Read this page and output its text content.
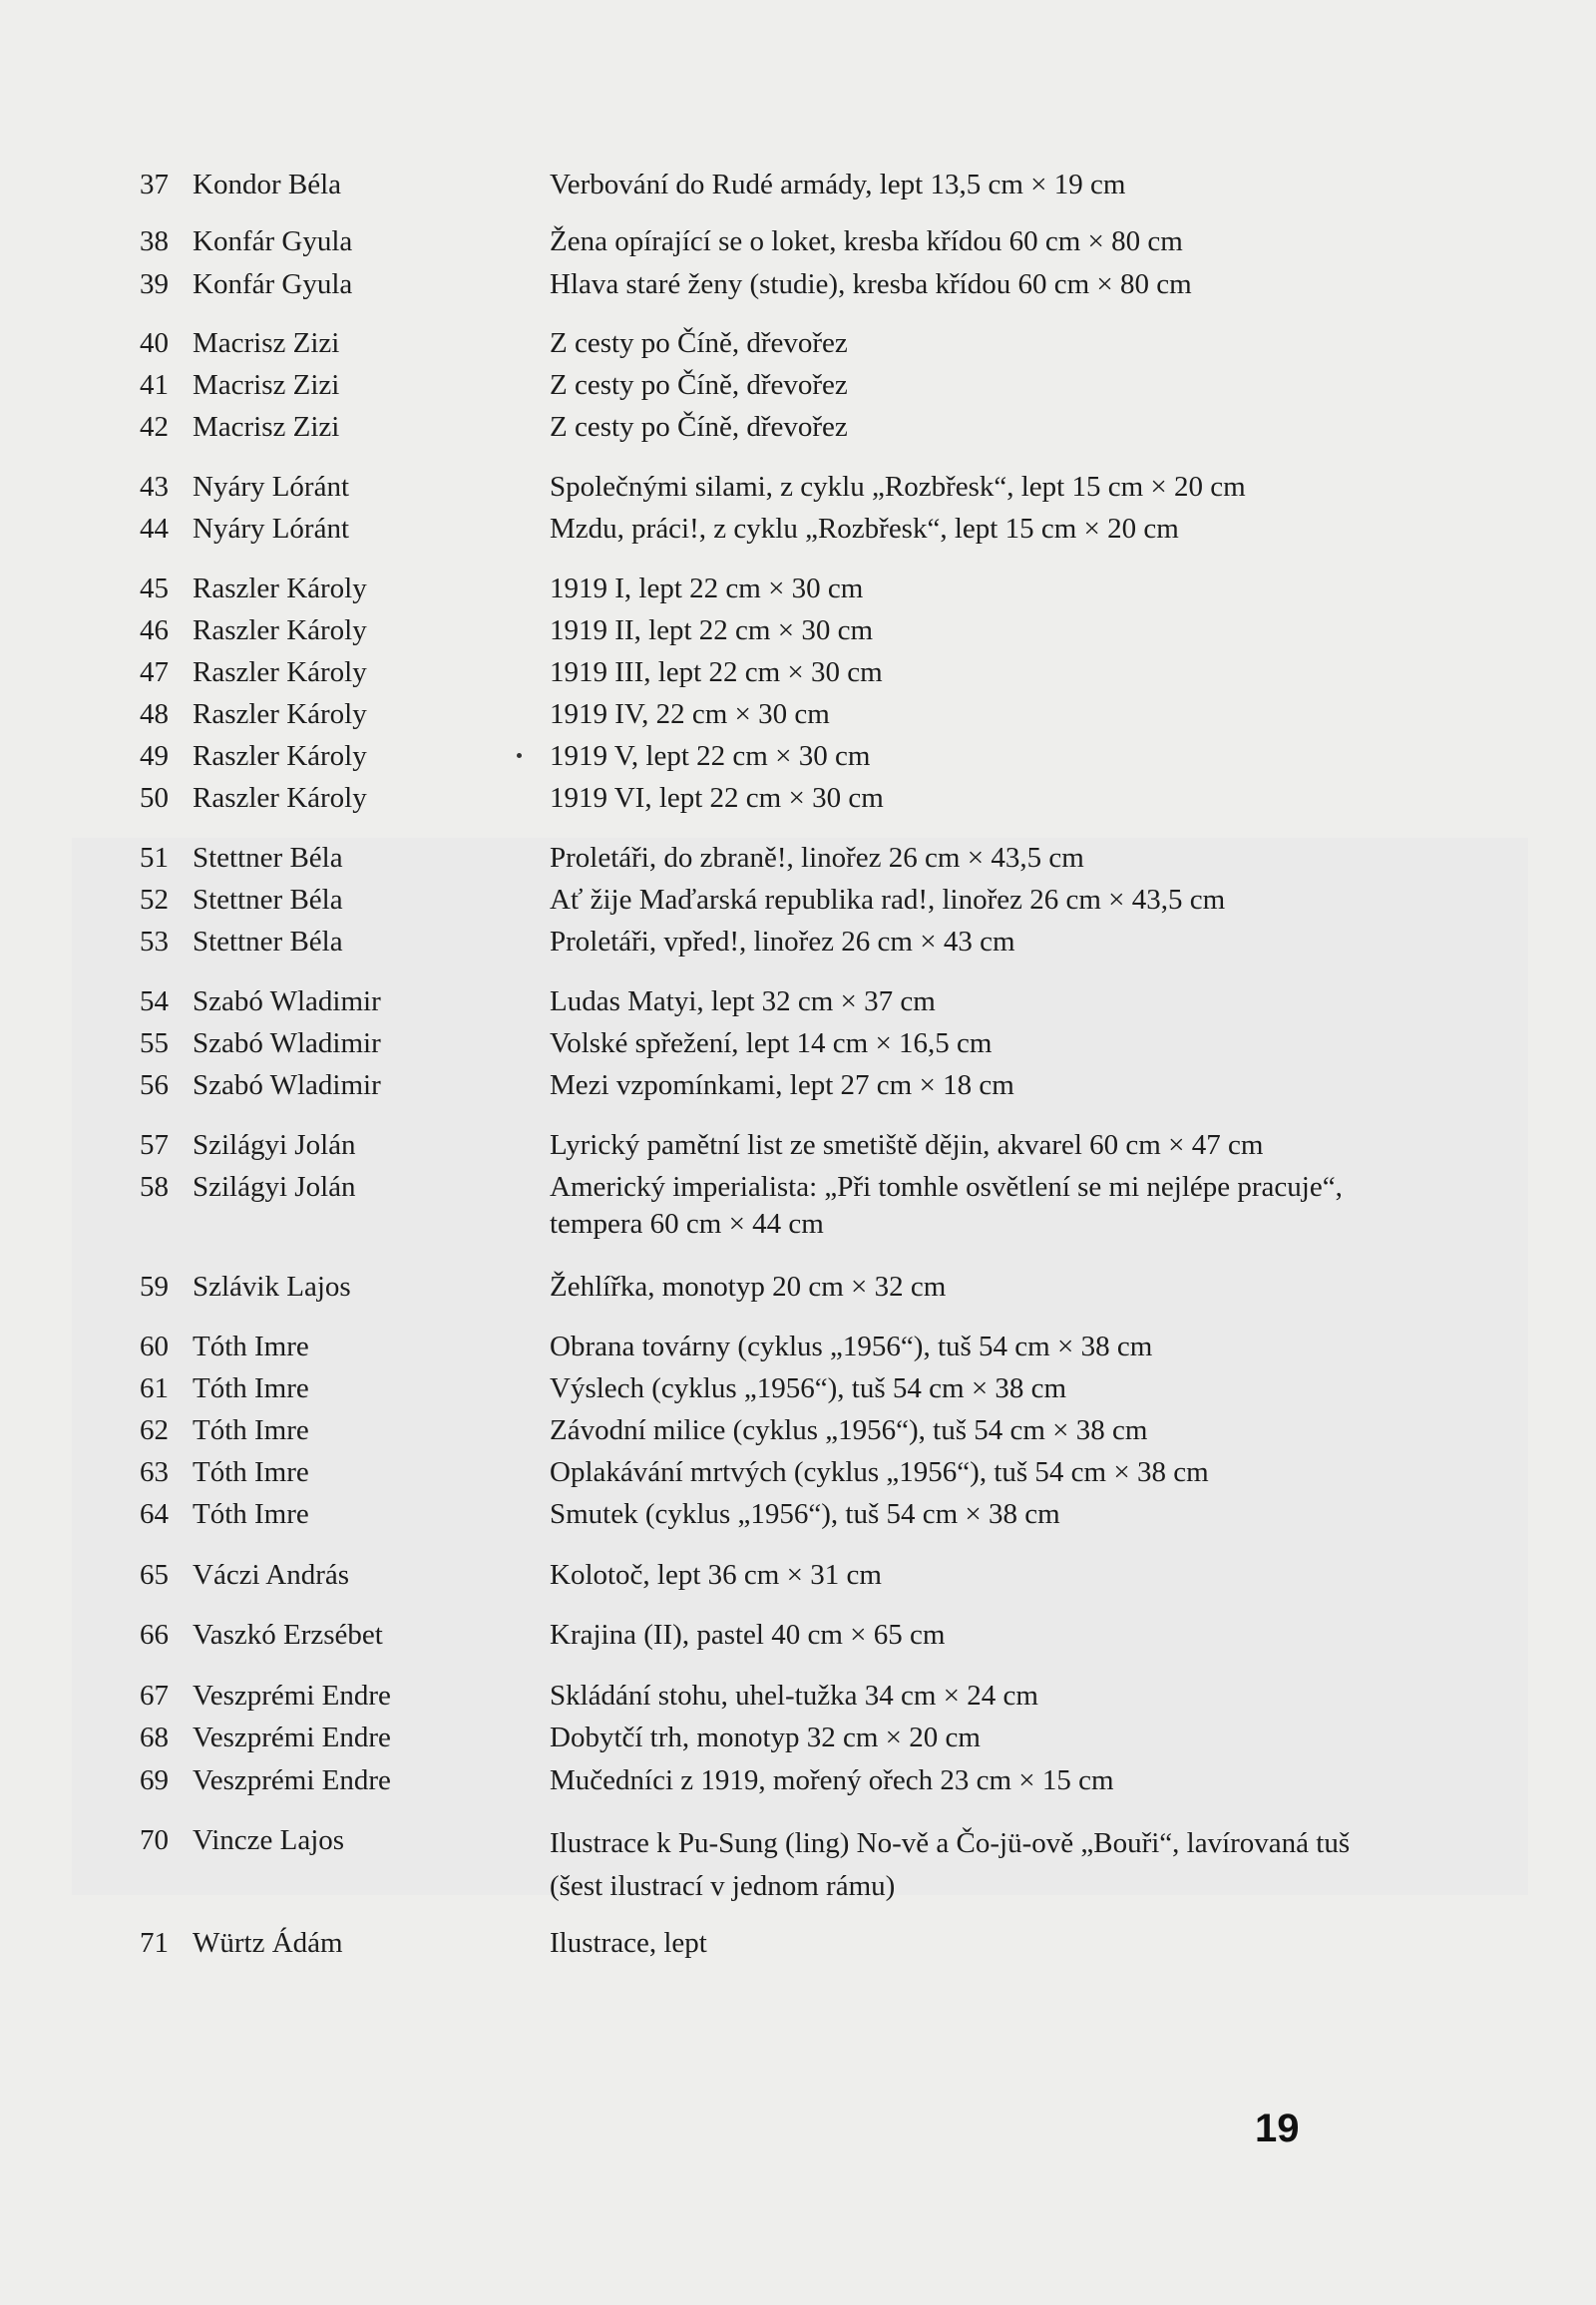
37 Kondor Béla	Verbování do Rudé armády, lept 13,5 cm × 19 cm
38 Konfár Gyula	Žena opírající se o loket, kresba křídou 60 cm × 80 cm
39 Konfár Gyula	Hlava staré ženy (studie), kresba křídou 60 cm × 80 cm
40 Macrisz Zizi	Z cesty po Číně, dřevořez
41 Macrisz Zizi	Z cesty po Číně, dřevořez
42 Macrisz Zizi	Z cesty po Číně, dřevořez
43 Nyáry Lóránt	Společnými silami, z cyklu „Rozbřesk“, lept 15 cm × 20 cm
44 Nyáry Lóránt	Mzdu, práci!, z cyklu „Rozbřesk“, lept 15 cm × 20 cm
45 Raszler Károly	1919 I, lept 22 cm × 30 cm
46 Raszler Károly	1919 II, lept 22 cm × 30 cm
47 Raszler Károly	1919 III, lept 22 cm × 30 cm
48 Raszler Károly	1919 IV, 22 cm × 30 cm
49 Raszler Károly	1919 V, lept 22 cm × 30 cm
50 Raszler Károly	1919 VI, lept 22 cm × 30 cm
51 Stettner Béla	Proletáři, do zbraně!, linořez 26 cm × 43,5 cm
52 Stettner Béla	Ať žije Maďarská republika rad!, linořez 26 cm × 43,5 cm
53 Stettner Béla	Proletáři, vpřed!, linořez 26 cm × 43 cm
54 Szabó Wladimir	Ludas Matyi, lept 32 cm × 37 cm
55 Szabó Wladimir	Volské spřežení, lept 14 cm × 16,5 cm
56 Szabó Wladimir	Mezi vzpomínkami, lept 27 cm × 18 cm
57 Szilágyi Jolán	Lyrický pamětní list ze smetiště dějin, akvarel 60 cm × 47 cm
58 Szilágyi Jolán	Americký imperialista: „Při tomhle osvětlení se mi nejlépe pracuje“, tempera 60 cm × 44 cm
59 Szlávik Lajos	Žehlířka, monotyp 20 cm × 32 cm
60 Tóth Imre	Obrana továrny (cyklus „1956“), tuš 54 cm × 38 cm
61 Tóth Imre	Výslech (cyklus „1956“), tuš 54 cm × 38 cm
62 Tóth Imre	Závodní milice (cyklus „1956“), tuš 54 cm × 38 cm
63 Tóth Imre	Oplakávání mrtvých (cyklus „1956“), tuš 54 cm × 38 cm
64 Tóth Imre	Smutek (cyklus „1956“), tuš 54 cm × 38 cm
65 Váczi András	Kolotoč, lept 36 cm × 31 cm
66 Vaszkó Erzsébet	Krajina (II), pastel 40 cm × 65 cm
67 Veszprémi Endre	Skládání stohu, uhel-tužka 34 cm × 24 cm
68 Veszprémi Endre	Dobytčí trh, monotyp 32 cm × 20 cm
69 Veszprémi Endre	Mučedníci z 1919, mořený ořech 23 cm × 15 cm
70 Vincze Lajos	Ilustrace k Pu-Sung (ling) No-vě a Čo-jü-ově „Bouři“, lavírovaná tuš (šest ilustrací v jednom rámu)
71 Würtz Ádám	Ilustrace, lept
19
